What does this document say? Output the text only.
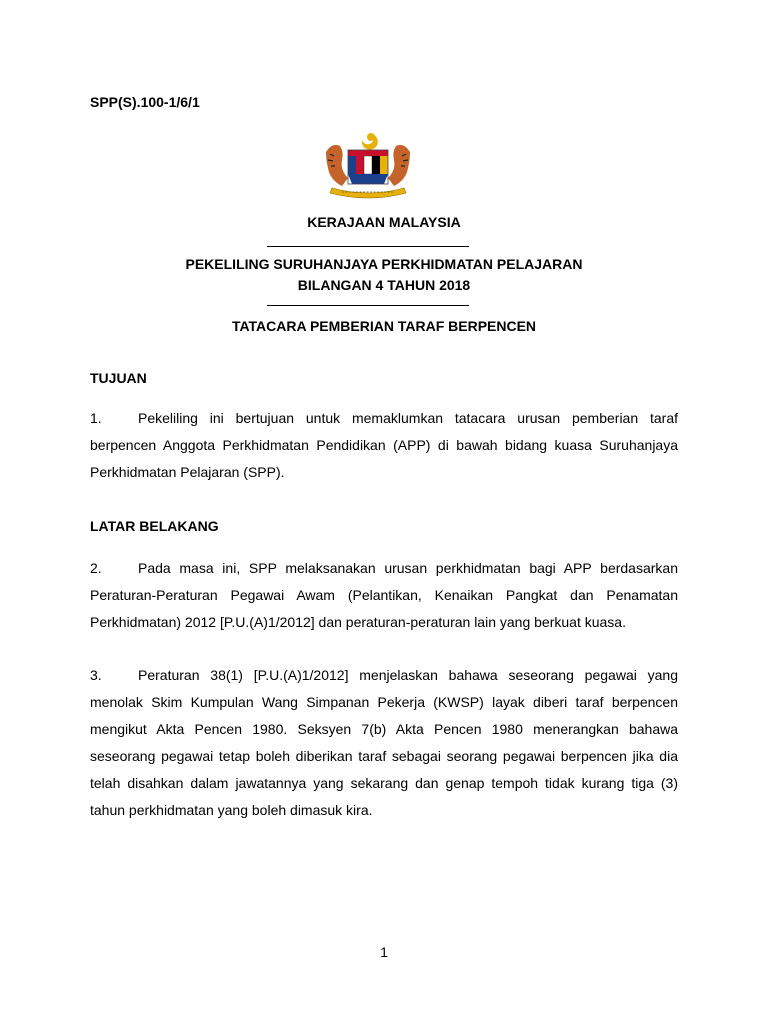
SPP(S).100-1/6/1
KERAJAAN MALAYSIA
PEKELILING SURUHANJAYA PERKHIDMATAN PELAJARAN
BILANGAN 4 TAHUN 2018
TATACARA PEMBERIAN TARAF BERPENCEN
TUJUAN

1.	Pekeliling ini bertujuan untuk memaklumkan tatacara urusan pemberian taraf berpencen Anggota Perkhidmatan Pendidikan (APP) di bawah bidang kuasa Suruhanjaya Perkhidmatan Pelajaran (SPP).

LATAR BELAKANG

2.	Pada masa ini, SPP melaksanakan urusan perkhidmatan bagi APP berdasarkan Peraturan-Peraturan Pegawai Awam (Pelantikan, Kenaikan Pangkat dan Penamatan Perkhidmatan) 2012 [P.U.(A)1/2012] dan peraturan-peraturan lain yang berkuat kuasa.

3.	Peraturan 38(1) [P.U.(A)1/2012] menjelaskan bahawa seseorang pegawai yang menolak Skim Kumpulan Wang Simpanan Pekerja (KWSP) layak diberi taraf berpencen mengikut Akta Pencen 1980. Seksyen 7(b) Akta Pencen 1980 menerangkan bahawa seseorang pegawai tetap boleh diberikan taraf sebagai seorang pegawai berpencen jika dia telah disahkan dalam jawatannya yang sekarang dan genap tempoh tidak kurang tiga (3) tahun perkhidmatan yang boleh dimasuk kira.

1
